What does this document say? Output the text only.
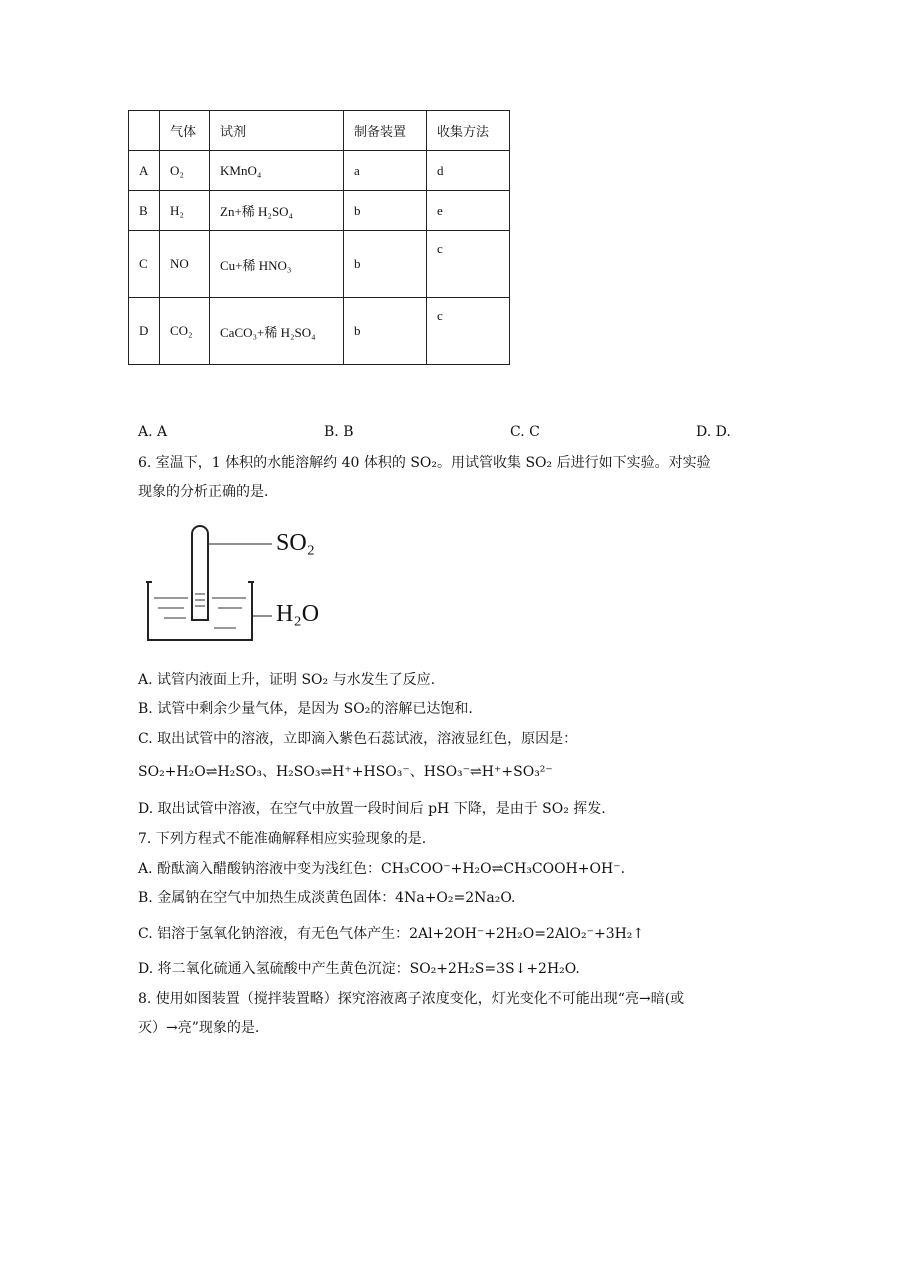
	气体	试剂	制备装置	收集方法
A	O₂	KMnO₄	a	d
B	H₂	Zn+稀 H₂SO₄	b	e
C	NO	Cu+稀 HNO₃	b	c
D	CO₂	CaCO₃+稀 H₂SO₄	b	c
A. A	B. B	C. C	D. D.
6. 室温下，1 体积的水能溶解约 40 体积的 SO₂。用试管收集 SO₂ 后进行如下实验。对实验
现象的分析正确的是.
SO₂
H₂O
A. 试管内液面上升，证明 SO₂ 与水发生了反应.
B. 试管中剩余少量气体，是因为 SO₂的溶解已达饱和.
C. 取出试管中的溶液，立即滴入紫色石蕊试液，溶液显红色，原因是：
SO₂+H₂O⇌H₂SO₃、H₂SO₃⇌H⁺+HSO₃⁻、HSO₃⁻⇌H⁺+SO₃²⁻
D. 取出试管中溶液，在空气中放置一段时间后 pH 下降，是由于 SO₂ 挥发.
7. 下列方程式不能准确解释相应实验现象的是.
A. 酚酞滴入醋酸钠溶液中变为浅红色：CH₃COO⁻+H₂O⇌CH₃COOH+OH⁻.
B. 金属钠在空气中加热生成淡黄色固体：4Na+O₂=2Na₂O.
C. 铝溶于氢氧化钠溶液，有无色气体产生：2Al+2OH⁻+2H₂O=2AlO₂⁻+3H₂↑
D. 将二氧化硫通入氢硫酸中产生黄色沉淀：SO₂+2H₂S=3S↓+2H₂O.
8. 使用如图装置（搅拌装置略）探究溶液离子浓度变化，灯光变化不可能出现“亮→暗(或
灭）→亮”现象的是.
